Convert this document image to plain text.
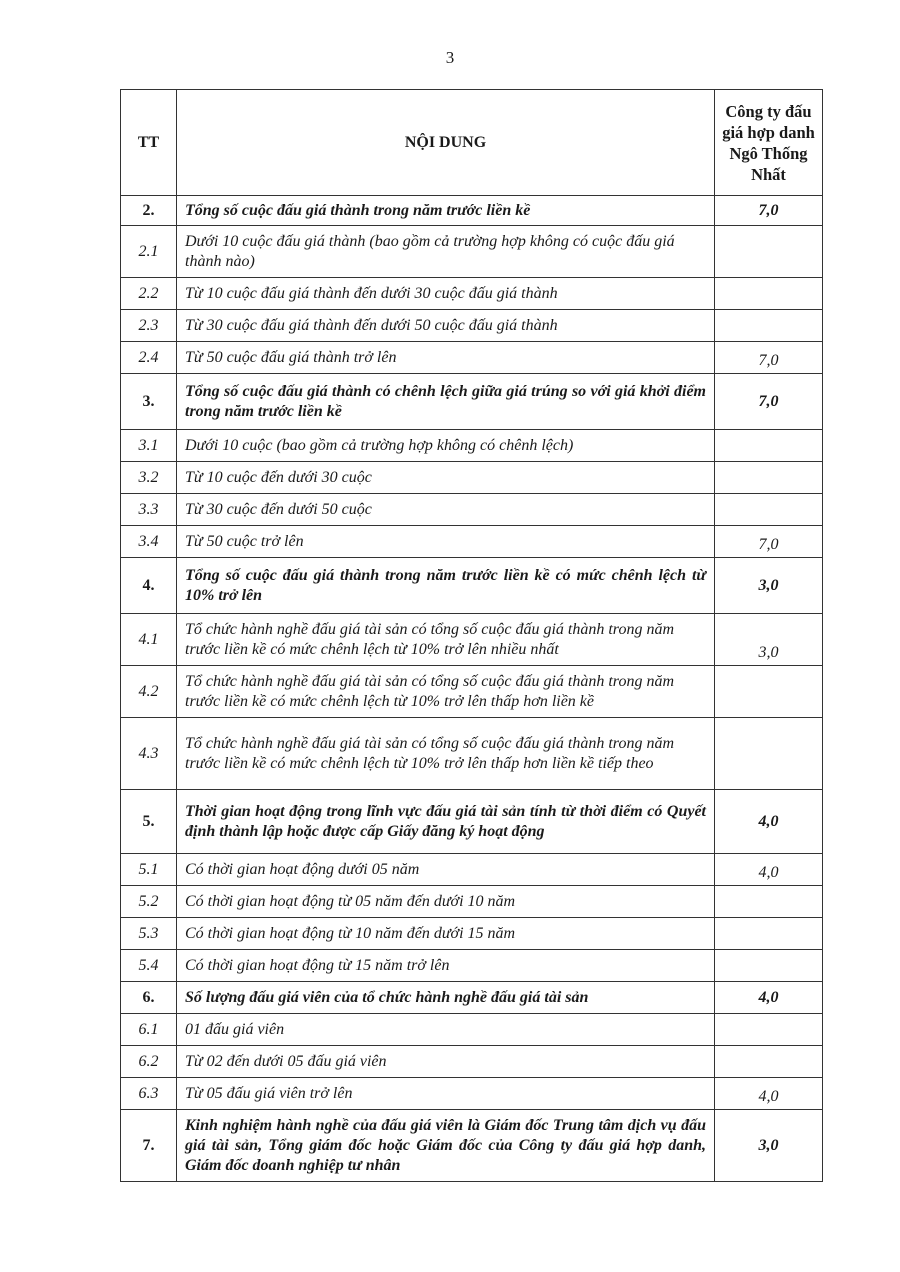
3
TT	NỘI DUNG	Công ty đấu giá hợp danh Ngô Thống Nhất
2.	Tổng số cuộc đấu giá thành trong năm trước liền kề	7,0
2.1	Dưới 10 cuộc đấu giá thành (bao gồm cả trường hợp không có cuộc đấu giá thành nào)	
2.2	Từ 10 cuộc đấu giá thành đến dưới 30 cuộc đấu giá thành	
2.3	Từ 30 cuộc đấu giá thành đến dưới 50 cuộc đấu giá thành	
2.4	Từ 50 cuộc đấu giá thành trở lên	7,0
3.	Tổng số cuộc đấu giá thành có chênh lệch giữa giá trúng so với giá khởi điểm trong năm trước liền kề	7,0
3.1	Dưới 10 cuộc (bao gồm cả trường hợp không có chênh lệch)	
3.2	Từ 10 cuộc đến dưới 30 cuộc	
3.3	Từ 30 cuộc đến dưới 50 cuộc	
3.4	Từ 50 cuộc trở lên	7,0
4.	Tổng số cuộc đấu giá thành trong năm trước liền kề có mức chênh lệch từ 10% trở lên	3,0
4.1	Tổ chức hành nghề đấu giá tài sản có tổng số cuộc đấu giá thành trong năm trước liền kề có mức chênh lệch từ 10% trở lên nhiều nhất	3,0
4.2	Tổ chức hành nghề đấu giá tài sản có tổng số cuộc đấu giá thành trong năm trước liền kề có mức chênh lệch từ 10% trở lên thấp hơn liền kề	
4.3	Tổ chức hành nghề đấu giá tài sản có tổng số cuộc đấu giá thành trong năm trước liền kề có mức chênh lệch từ 10% trở lên thấp hơn liền kề tiếp theo	
5.	Thời gian hoạt động trong lĩnh vực đấu giá tài sản tính từ thời điểm có Quyết định thành lập hoặc được cấp Giấy đăng ký hoạt động	4,0
5.1	Có thời gian hoạt động dưới 05 năm	4,0
5.2	Có thời gian hoạt động từ 05 năm đến dưới 10 năm	
5.3	Có thời gian hoạt động từ 10 năm đến dưới 15 năm	
5.4	Có thời gian hoạt động từ 15 năm trở lên	
6.	Số lượng đấu giá viên của tổ chức hành nghề đấu giá tài sản	4,0
6.1	01 đấu giá viên	
6.2	Từ 02 đến dưới 05 đấu giá viên	
6.3	Từ 05 đấu giá viên trở lên	4,0
7.	Kinh nghiệm hành nghề của đấu giá viên là Giám đốc Trung tâm dịch vụ đấu giá tài sản, Tổng giám đốc hoặc Giám đốc của Công ty đấu giá hợp danh, Giám đốc doanh nghiệp tư nhân	3,0
